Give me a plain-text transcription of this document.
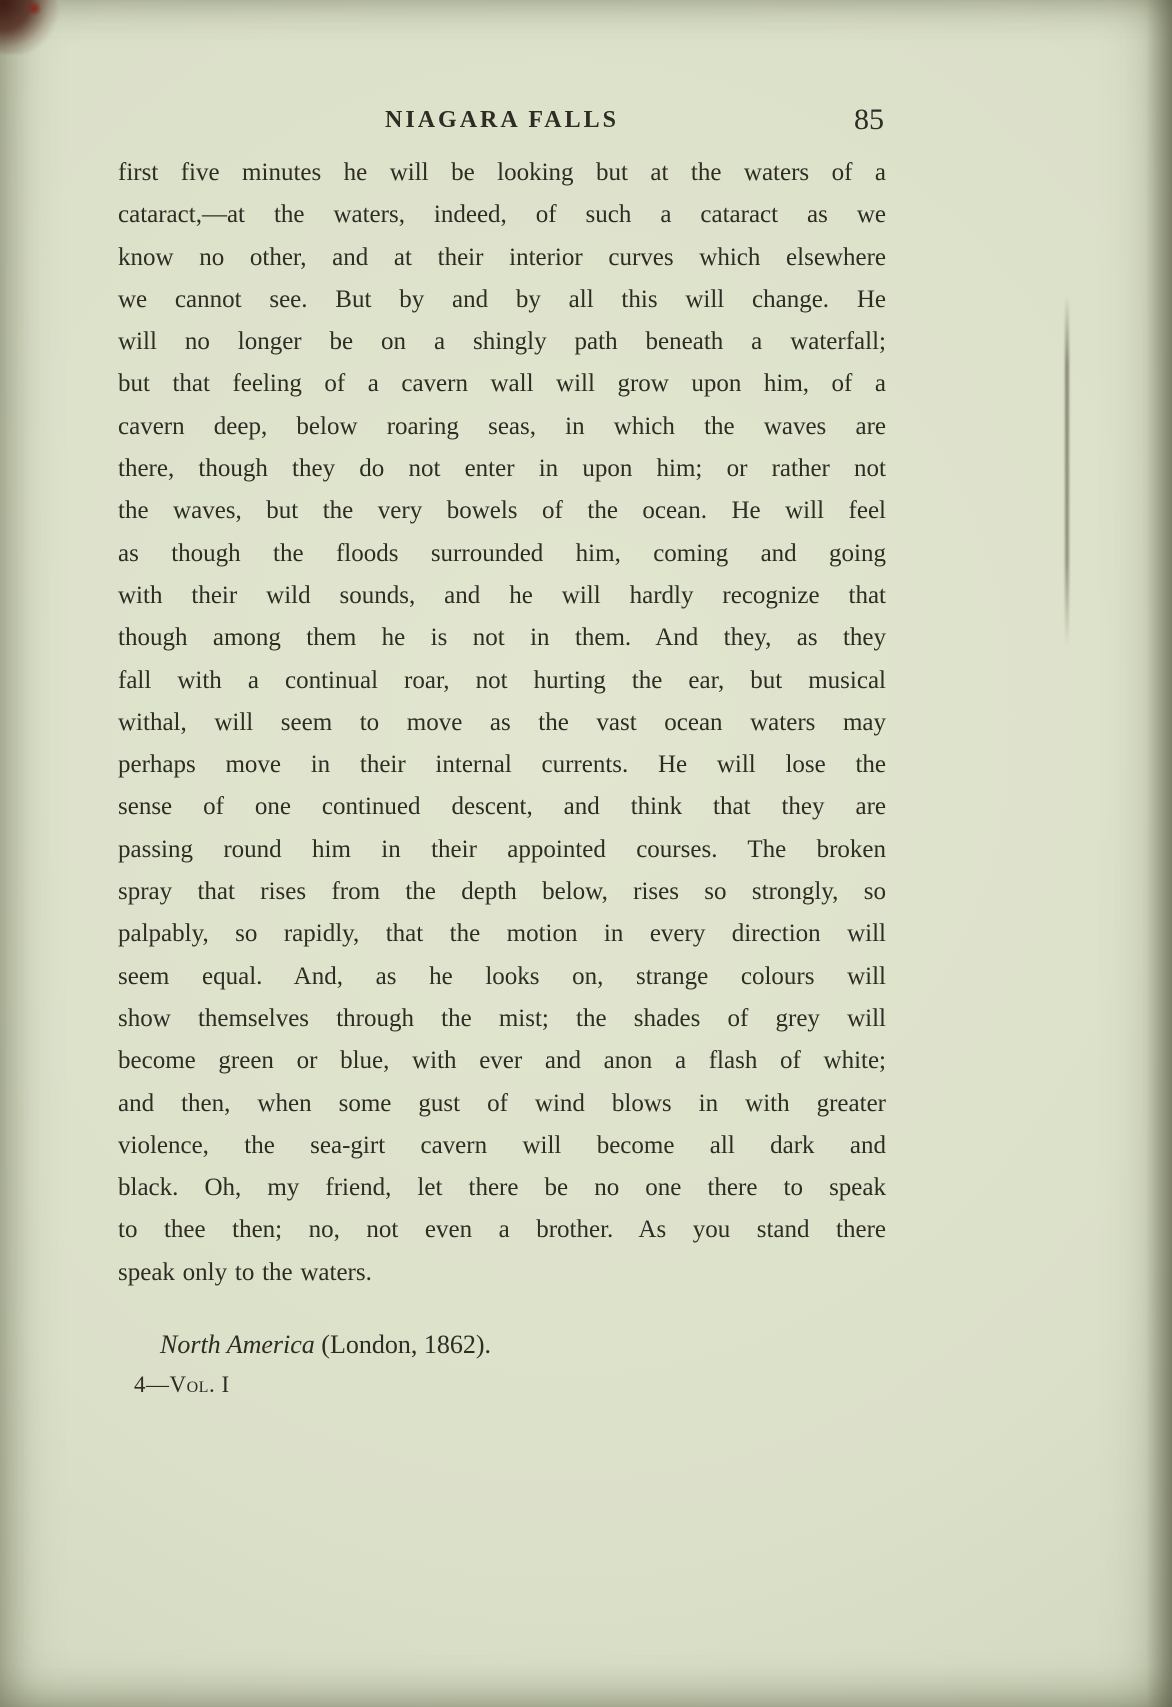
NIAGARA FALLS	85
first five minutes he will be looking but at the waters of a
cataract,—at the waters, indeed, of such a cataract as we
know no other, and at their interior curves which elsewhere
we cannot see. But by and by all this will change. He
will no longer be on a shingly path beneath a waterfall;
but that feeling of a cavern wall will grow upon him, of a
cavern deep, below roaring seas, in which the waves are
there, though they do not enter in upon him; or rather not
the waves, but the very bowels of the ocean. He will feel
as though the floods surrounded him, coming and going
with their wild sounds, and he will hardly recognize that
though among them he is not in them. And they, as they
fall with a continual roar, not hurting the ear, but musical
withal, will seem to move as the vast ocean waters may
perhaps move in their internal currents. He will lose the
sense of one continued descent, and think that they are
passing round him in their appointed courses. The broken
spray that rises from the depth below, rises so strongly, so
palpably, so rapidly, that the motion in every direction will
seem equal. And, as he looks on, strange colours will
show themselves through the mist; the shades of grey will
become green or blue, with ever and anon a flash of white;
and then, when some gust of wind blows in with greater
violence, the sea-girt cavern will become all dark and
black. Oh, my friend, let there be no one there to speak
to thee then; no, not even a brother. As you stand there
speak only to the waters.
North America (London, 1862).
4—Vol. I
